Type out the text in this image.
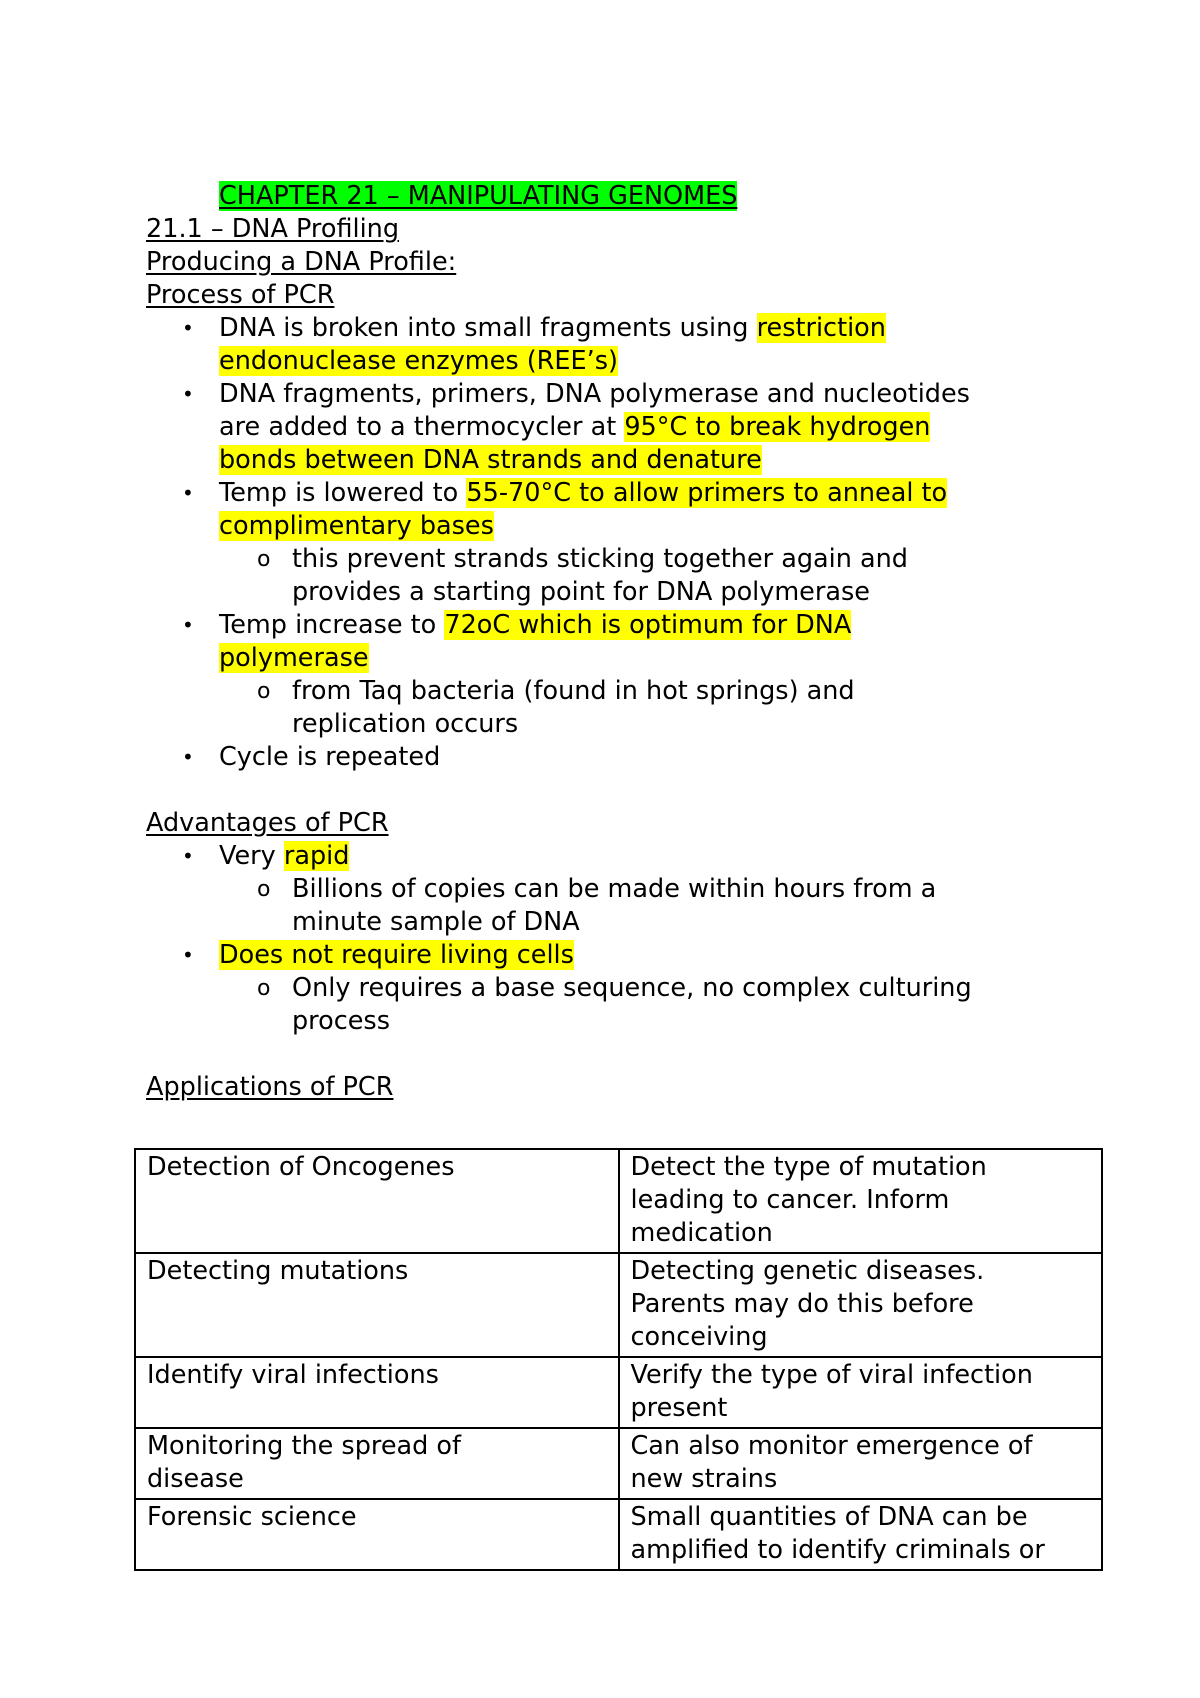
CHAPTER 21 – MANIPULATING GENOMES
21.1 – DNA Profiling
Producing a DNA Profile:
Process of PCR
• DNA is broken into small fragments using restriction
endonuclease enzymes (REE’s)
• DNA fragments, primers, DNA polymerase and nucleotides
are added to a thermocycler at 95°C to break hydrogen
bonds between DNA strands and denature
• Temp is lowered to 55-70°C to allow primers to anneal to
complimentary bases
o this prevent strands sticking together again and
provides a starting point for DNA polymerase
• Temp increase to 72oC which is optimum for DNA
polymerase
o from Taq bacteria (found in hot springs) and
replication occurs
• Cycle is repeated
Advantages of PCR
• Very rapid
o Billions of copies can be made within hours from a
minute sample of DNA
• Does not require living cells
o Only requires a base sequence, no complex culturing
process
Applications of PCR
Detection of Oncogenes	Detect the type of mutation
leading to cancer. Inform
medication

Detecting mutations	Detecting genetic diseases.
Parents may do this before
conceiving

Identify viral infections	Verify the type of viral infection
present

Monitoring the spread of
disease	Can also monitor emergence of
new strains

Forensic science	Small quantities of DNA can be
amplified to identify criminals or
